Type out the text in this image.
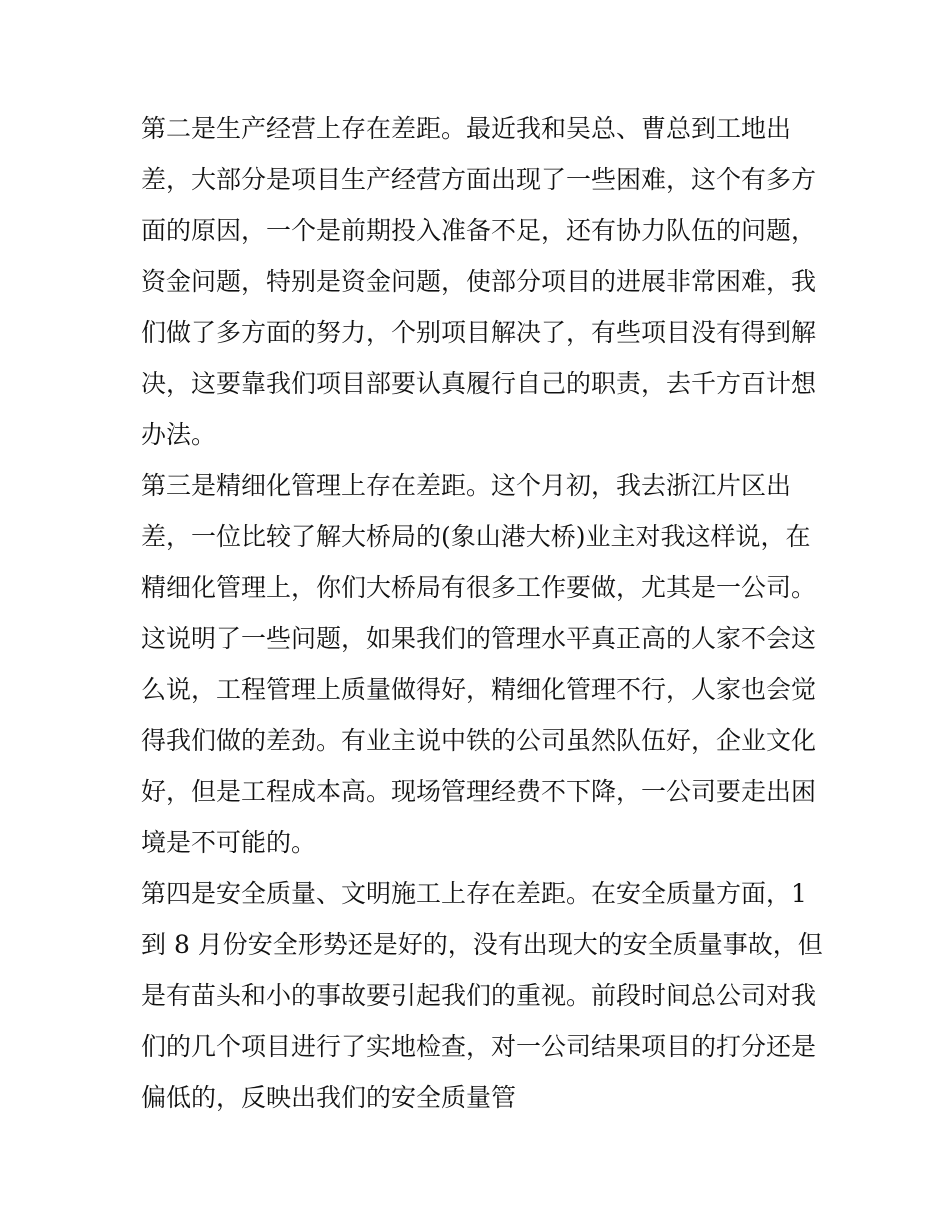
第二是生产经营上存在差距。最近我和吴总、曹总到工地出
差，大部分是项目生产经营方面出现了一些困难，这个有多方
面的原因，一个是前期投入准备不足，还有协力队伍的问题，
资金问题，特别是资金问题，使部分项目的进展非常困难，我
们做了多方面的努力，个别项目解决了，有些项目没有得到解
决，这要靠我们项目部要认真履行自己的职责，去千方百计想
办法。
第三是精细化管理上存在差距。这个月初，我去浙江片区出
差，一位比较了解大桥局的(象山港大桥)业主对我这样说，在
精细化管理上，你们大桥局有很多工作要做，尤其是一公司。
这说明了一些问题，如果我们的管理水平真正高的人家不会这
么说，工程管理上质量做得好，精细化管理不行，人家也会觉
得我们做的差劲。有业主说中铁的公司虽然队伍好，企业文化
好，但是工程成本高。现场管理经费不下降，一公司要走出困
境是不可能的。
第四是安全质量、文明施工上存在差距。在安全质量方面，1
到 8 月份安全形势还是好的，没有出现大的安全质量事故，但
是有苗头和小的事故要引起我们的重视。前段时间总公司对我
们的几个项目进行了实地检查，对一公司结果项目的打分还是
偏低的，反映出我们的安全质量管
